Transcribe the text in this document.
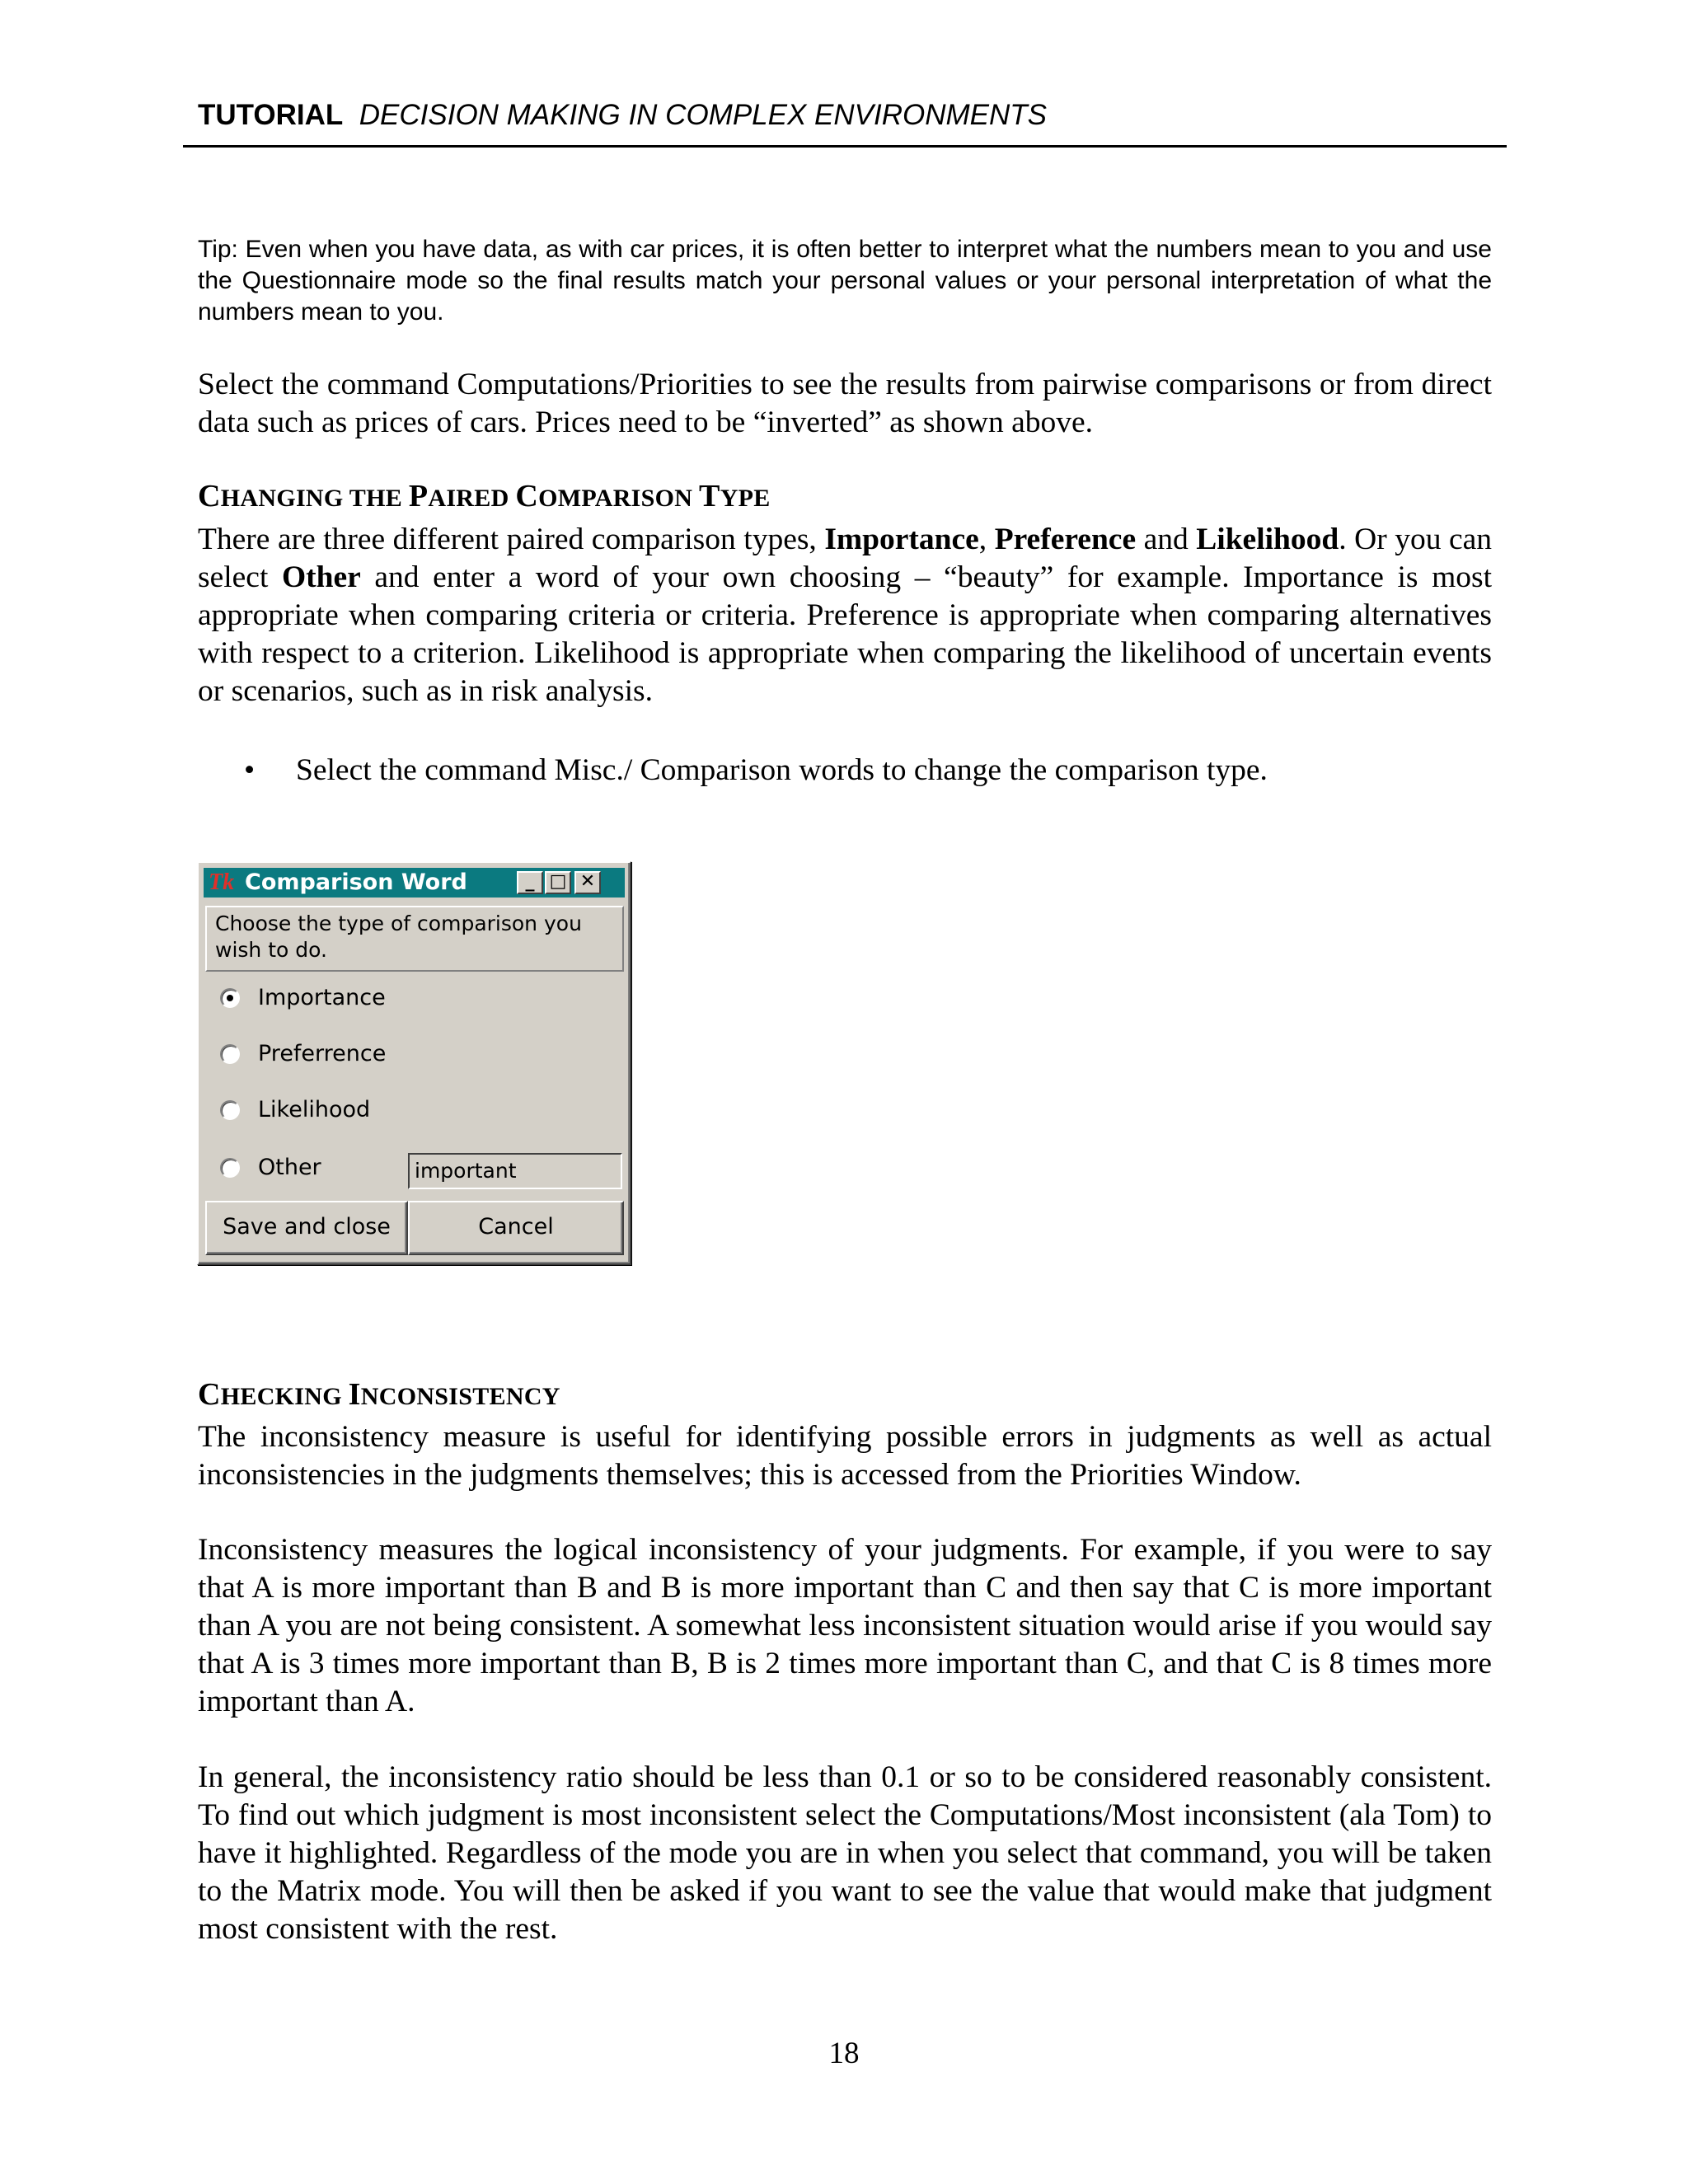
TUTORIAL DECISION MAKING IN COMPLEX ENVIRONMENTS
Tip: Even when you have data, as with car prices, it is often better to interpret what the numbers mean to you and use the Questionnaire mode so the final results match your personal values or your personal interpretation of what the numbers mean to you.
Select the command Computations/Priorities to see the results from pairwise comparisons or from direct data such as prices of cars. Prices need to be “inverted” as shown above.
CHANGING THE PAIRED COMPARISON TYPE
There are three different paired comparison types, Importance, Preference and Likelihood. Or you can select Other and enter a word of your own choosing – “beauty” for example. Importance is most appropriate when comparing criteria or criteria. Preference is appropriate when comparing alternatives with respect to a criterion. Likelihood is appropriate when comparing the likelihood of uncertain events or scenarios, such as in risk analysis.
•	Select the command Misc./ Comparison words to change the comparison type.
Tk Comparison Word	_ □ ✕
Choose the type of comparison you wish to do.
Importance
Preferrence
Likelihood
Other	important
Save and close	Cancel
CHECKING INCONSISTENCY
The inconsistency measure is useful for identifying possible errors in judgments as well as actual inconsistencies in the judgments themselves; this is accessed from the Priorities Window.
Inconsistency measures the logical inconsistency of your judgments. For example, if you were to say that A is more important than B and B is more important than C and then say that C is more important than A you are not being consistent. A somewhat less inconsistent situation would arise if you would say that A is 3 times more important than B, B is 2 times more important than C, and that C is 8 times more important than A.
In general, the inconsistency ratio should be less than 0.1 or so to be considered reasonably consistent. To find out which judgment is most inconsistent select the Computations/Most inconsistent (ala Tom) to have it highlighted. Regardless of the mode you are in when you select that command, you will be taken to the Matrix mode. You will then be asked if you want to see the value that would make that judgment most consistent with the rest.
18
